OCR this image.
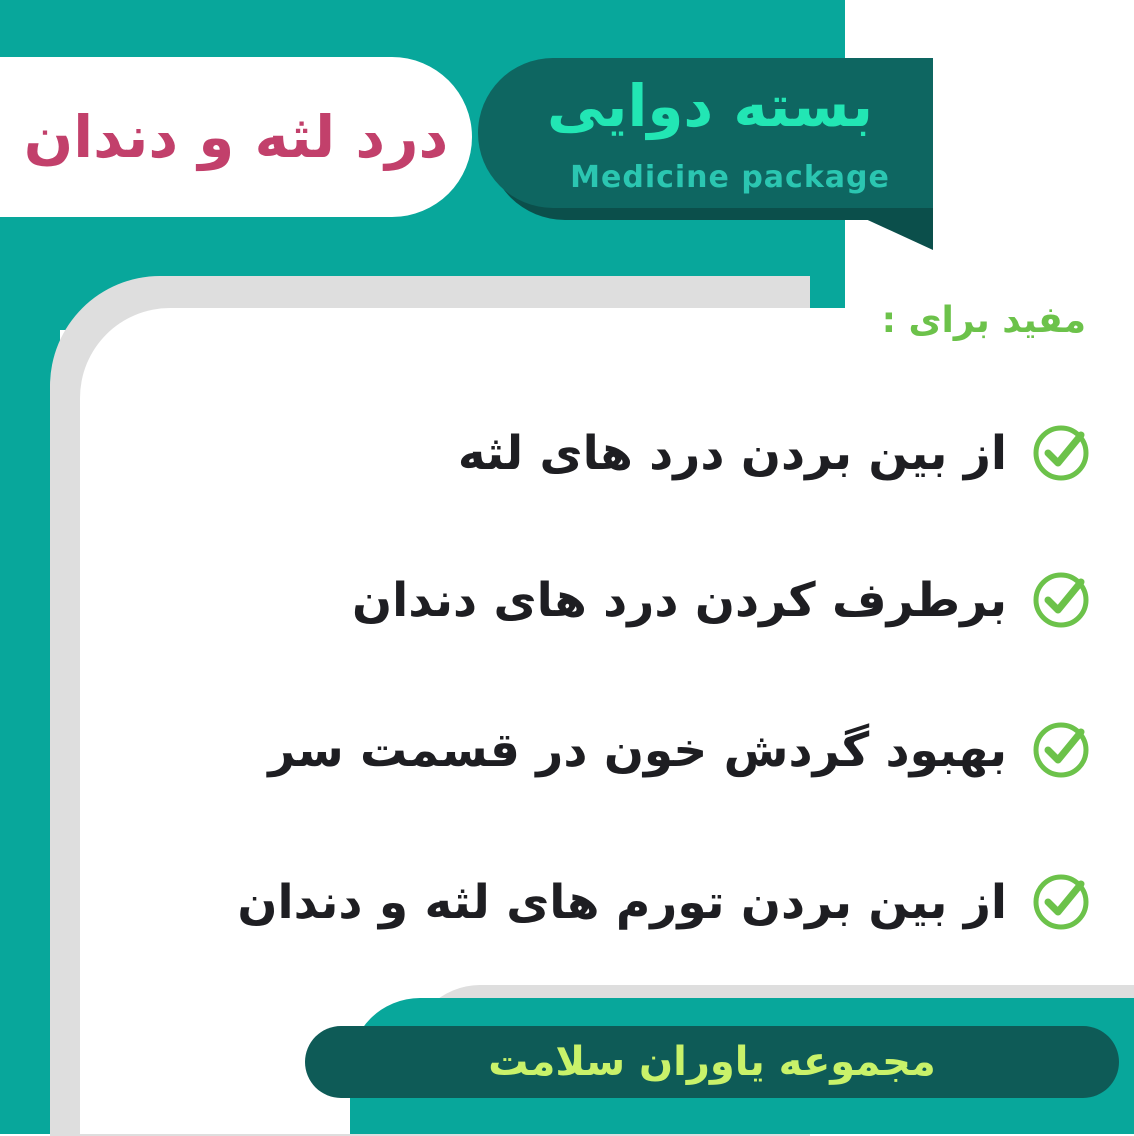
درد لثه و دندان	بسته دوایی
Medicine package
مفید برای :
از بین بردن درد های لثه
برطرف کردن درد های دندان
بهبود گردش خون در قسمت سر
از بین بردن تورم های لثه و دندان
مجموعه یاوران سلامت
